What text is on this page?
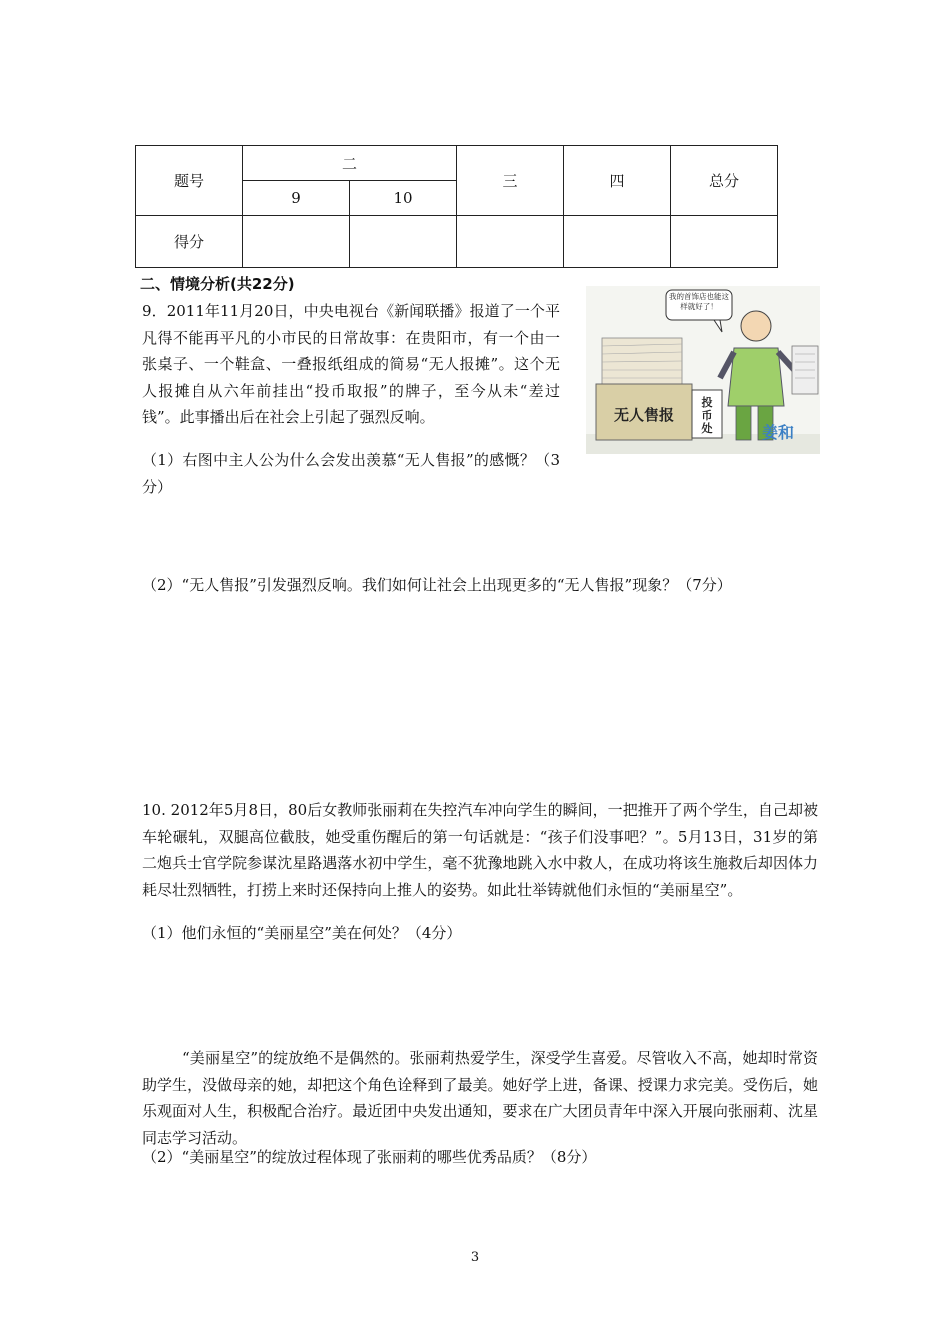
题号	二		三	四	总分
	9	10			
得分					
二、情境分析(共22分)

9．2011年11月20日，中央电视台《新闻联播》报道了一个平凡得不能再平凡的小市民的日常故事：在贵阳市，有一个由一张桌子、一个鞋盒、一叠报纸组成的简易“无人报摊”。这个无人报摊自从六年前挂出“投币取报”的牌子，至今从未“差过钱”。此事播出后在社会上引起了强烈反响。

（1）右图中主人公为什么会发出羡慕“无人售报”的感慨？（3分）

我的首饰店也能这样就好了！
无人售报
投币处	姜和

（2）“无人售报”引发强烈反响。我们如何让社会上出现更多的“无人售报”现象？（7分）

10. 2012年5月8日，80后女教师张丽莉在失控汽车冲向学生的瞬间，一把推开了两个学生，自己却被车轮碾轧，双腿高位截肢，她受重伤醒后的第一句话就是：“孩子们没事吧？”。5月13日，31岁的第二炮兵士官学院参谋沈星路遇落水初中学生，毫不犹豫地跳入水中救人，在成功将该生施救后却因体力耗尽壮烈牺牲，打捞上来时还保持向上推人的姿势。如此壮举铸就他们永恒的“美丽星空”。

（1）他们永恒的“美丽星空”美在何处？（4分）

“美丽星空”的绽放绝不是偶然的。张丽莉热爱学生，深受学生喜爱。尽管收入不高，她却时常资助学生，没做母亲的她，却把这个角色诠释到了最美。她好学上进，备课、授课力求完美。受伤后，她乐观面对人生，积极配合治疗。最近团中央发出通知，要求在广大团员青年中深入开展向张丽莉、沈星同志学习活动。

（2）“美丽星空”的绽放过程体现了张丽莉的哪些优秀品质？（8分）

3
